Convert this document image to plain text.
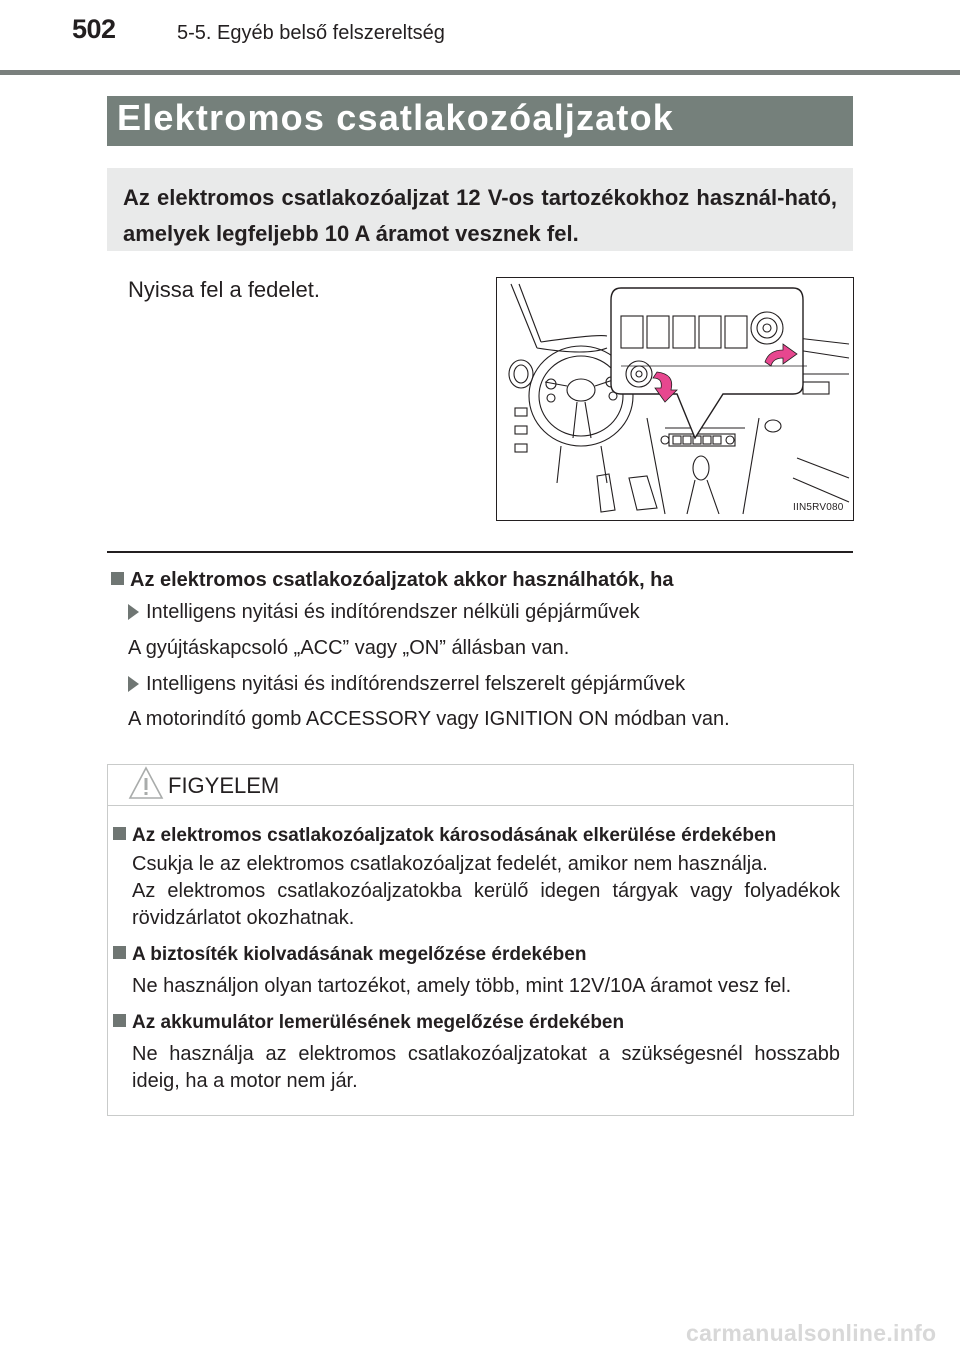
502	5-5. Egyéb belső felszereltség
Elektromos csatlakozóaljzatok
Az elektromos csatlakozóaljzat 12 V-os tartozékokhoz használ-ható, amelyek legfeljebb 10 A áramot vesznek fel.
Nyissa fel a fedelet.
IIN5RV080
Az elektromos csatlakozóaljzatok akkor használhatók, ha
Intelligens nyitási és indítórendszer nélküli gépjárművek
A gyújtáskapcsoló „ACC” vagy „ON” állásban van.
Intelligens nyitási és indítórendszerrel felszerelt gépjárművek
A motorindító gomb ACCESSORY vagy IGNITION ON módban van.
FIGYELEM
Az elektromos csatlakozóaljzatok károsodásának elkerülése érdekében
Csukja le az elektromos csatlakozóaljzat fedelét, amikor nem használja.
Az elektromos csatlakozóaljzatokba kerülő idegen tárgyak vagy folyadékok rövidzárlatot okozhatnak.
A biztosíték kiolvadásának megelőzése érdekében
Ne használjon olyan tartozékot, amely több, mint 12V/10A áramot vesz fel.
Az akkumulátor lemerülésének megelőzése érdekében
Ne használja az elektromos csatlakozóaljzatokat a szükségesnél hosszabb ideig, ha a motor nem jár.
carmanualsonline.info
